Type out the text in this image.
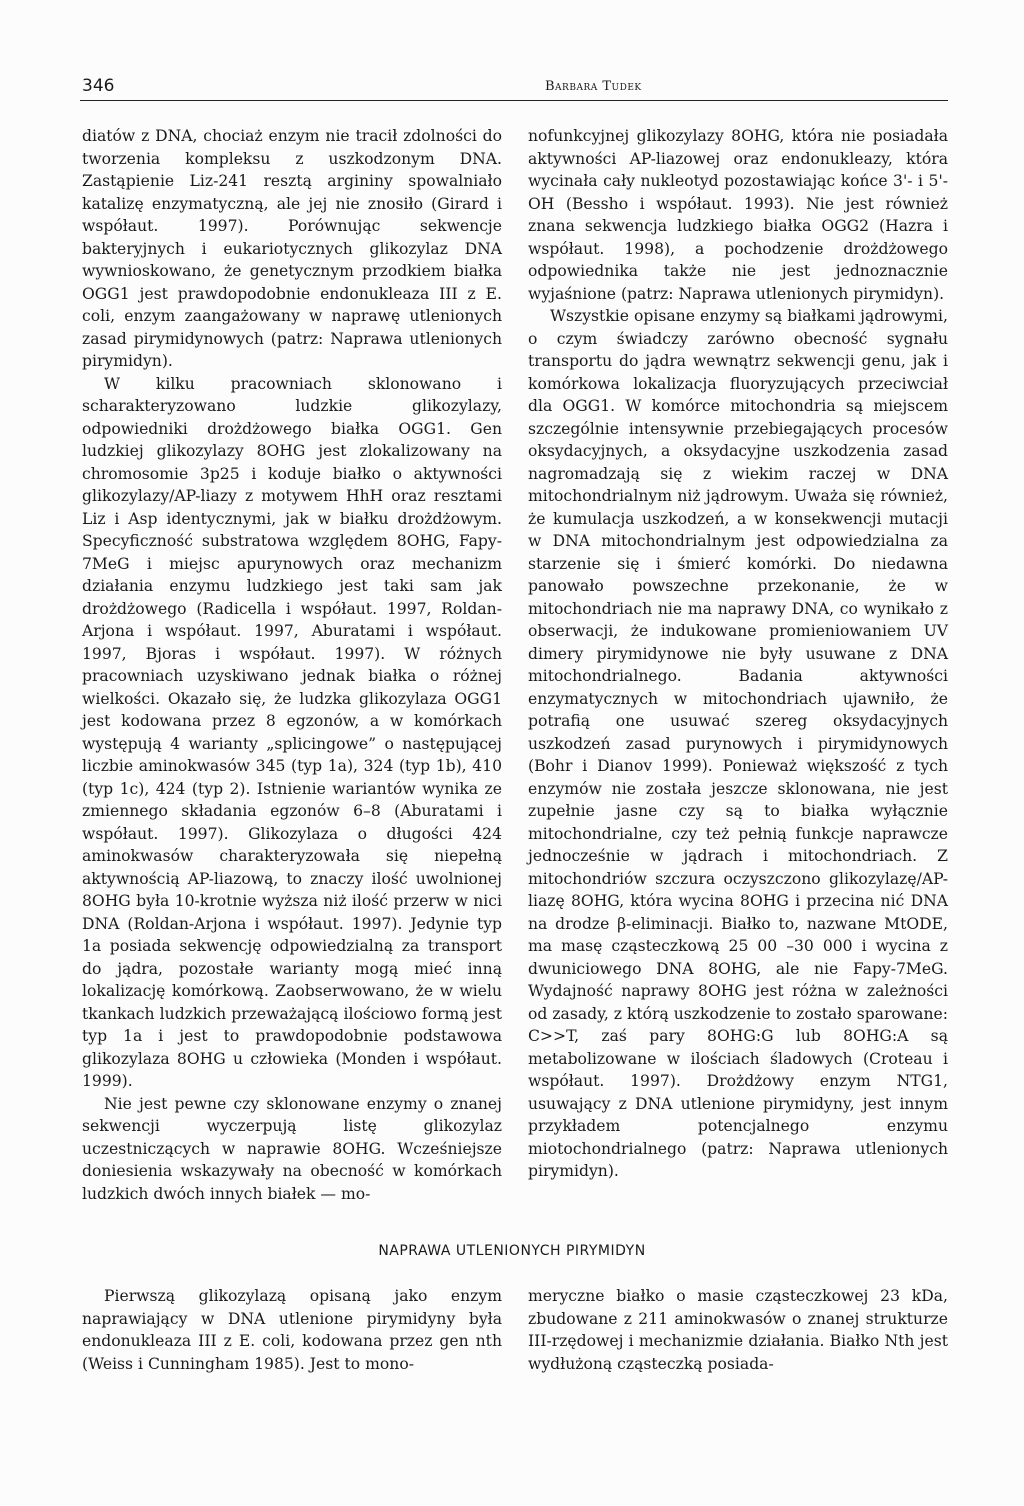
346	Barbara Tudek

diatów z DNA, chociaż enzym nie tracił zdolności do tworzenia kompleksu z uszkodzonym DNA. Zastąpienie Liz-241 resztą argininy spowalniało katalizę enzymatyczną, ale jej nie znosiło (Girard i współaut. 1997). Porównując sekwencje bakteryjnych i eukariotycznych glikozylaz DNA wywnioskowano, że genetycznym przodkiem białka OGG1 jest prawdopodobnie endonukleaza III z E. coli, enzym zaangażowany w naprawę utlenionych zasad pirymidynowych (patrz: Naprawa utlenionych pirymidyn).

W kilku pracowniach sklonowano i scharakteryzowano ludzkie glikozylazy, odpowiedniki drożdżowego białka OGG1. Gen ludzkiej glikozylazy 8OHG jest zlokalizowany na chromosomie 3p25 i koduje białko o aktywności glikozylazy/AP-liazy z motywem HhH oraz resztami Liz i Asp identycznymi, jak w białku drożdżowym. Specyficzność substratowa względem 8OHG, Fapy-7MeG i miejsc apurynowych oraz mechanizm działania enzymu ludzkiego jest taki sam jak drożdżowego (Radicella i współaut. 1997, Roldan-Arjona i współaut. 1997, Aburatami i współaut. 1997, Bjoras i współaut. 1997). W różnych pracowniach uzyskiwano jednak białka o różnej wielkości. Okazało się, że ludzka glikozylaza OGG1 jest kodowana przez 8 egzonów, a w komórkach występują 4 warianty „splicingowe” o następującej liczbie aminokwasów 345 (typ 1a), 324 (typ 1b), 410 (typ 1c), 424 (typ 2). Istnienie wariantów wynika ze zmiennego składania egzonów 6–8 (Aburatami i współaut. 1997). Glikozylaza o długości 424 aminokwasów charakteryzowała się niepełną aktywnością AP-liazową, to znaczy ilość uwolnionej 8OHG była 10-krotnie wyższa niż ilość przerw w nici DNA (Roldan-Arjona i współaut. 1997). Jedynie typ 1a posiada sekwencję odpowiedzialną za transport do jądra, pozostałe warianty mogą mieć inną lokalizację komórkową. Zaobserwowano, że w wielu tkankach ludzkich przeważającą ilościowo formą jest typ 1a i jest to prawdopodobnie podstawowa glikozylaza 8OHG u człowieka (Monden i współaut. 1999).

Nie jest pewne czy sklonowane enzymy o znanej sekwencji wyczerpują listę glikozylaz uczestniczących w naprawie 8OHG. Wcześniejsze doniesienia wskazywały na obecność w komórkach ludzkich dwóch innych białek — mo-

nofunkcyjnej glikozylazy 8OHG, która nie posiadała aktywności AP-liazowej oraz endonukleazy, która wycinała cały nukleotyd pozostawiając końce 3'- i 5'-OH (Bessho i współaut. 1993). Nie jest również znana sekwencja ludzkiego białka OGG2 (Hazra i współaut. 1998), a pochodzenie drożdżowego odpowiednika także nie jest jednoznacznie wyjaśnione (patrz: Naprawa utlenionych pirymidyn).

Wszystkie opisane enzymy są białkami jądrowymi, o czym świadczy zarówno obecność sygnału transportu do jądra wewnątrz sekwencji genu, jak i komórkowa lokalizacja fluoryzujących przeciwciał dla OGG1. W komórce mitochondria są miejscem szczególnie intensywnie przebiegających procesów oksydacyjnych, a oksydacyjne uszkodzenia zasad nagromadzają się z wiekim raczej w DNA mitochondrialnym niż jądrowym. Uważa się również, że kumulacja uszkodzeń, a w konsekwencji mutacji w DNA mitochondrialnym jest odpowiedzialna za starzenie się i śmierć komórki. Do niedawna panowało powszechne przekonanie, że w mitochondriach nie ma naprawy DNA, co wynikało z obserwacji, że indukowane promieniowaniem UV dimery pirymidynowe nie były usuwane z DNA mitochondrialnego. Badania aktywności enzymatycznych w mitochondriach ujawniło, że potrafią one usuwać szereg oksydacyjnych uszkodzeń zasad purynowych i pirymidynowych (Bohr i Dianov 1999). Ponieważ większość z tych enzymów nie została jeszcze sklonowana, nie jest zupełnie jasne czy są to białka wyłącznie mitochondrialne, czy też pełnią funkcje naprawcze jednocześnie w jądrach i mitochondriach. Z mitochondriów szczura oczyszczono glikozylazę/AP-liazę 8OHG, która wycina 8OHG i przecina nić DNA na drodze β-eliminacji. Białko to, nazwane MtODE, ma masę cząsteczkową 25 00 –30 000 i wycina z dwuniciowego DNA 8OHG, ale nie Fapy-7MeG. Wydajność naprawy 8OHG jest różna w zależności od zasady, z którą uszkodzenie to zostało sparowane: C>>T, zaś pary 8OHG:G lub 8OHG:A są metabolizowane w ilościach śladowych (Croteau i współaut. 1997). Drożdżowy enzym NTG1, usuwający z DNA utlenione pirymidyny, jest innym przykładem potencjalnego enzymu miotochondrialnego (patrz: Naprawa utlenionych pirymidyn).

NAPRAWA UTLENIONYCH PIRYMIDYN

Pierwszą glikozylazą opisaną jako enzym naprawiający w DNA utlenione pirymidyny była endonukleaza III z E. coli, kodowana przez gen nth (Weiss i Cunningham 1985). Jest to mono-

meryczne białko o masie cząsteczkowej 23 kDa, zbudowane z 211 aminokwasów o znanej strukturze III-rzędowej i mechanizmie działania. Białko Nth jest wydłużoną cząsteczką posiada-
